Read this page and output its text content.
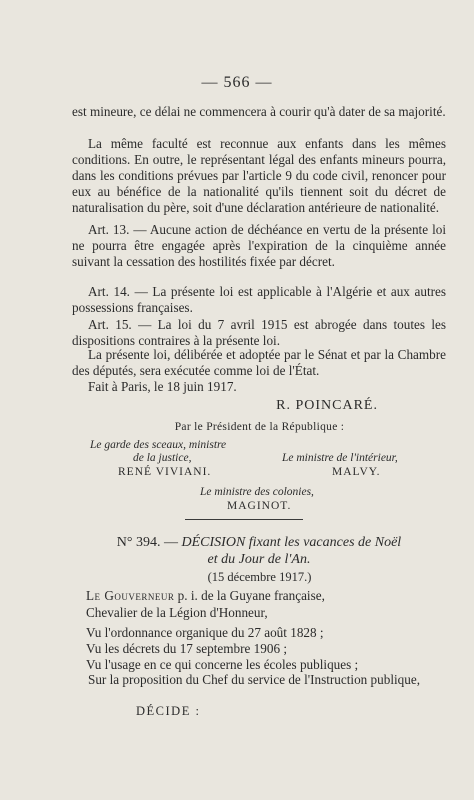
— 566 —
est mineure, ce délai ne commencera à courir qu'à dater de sa majorité.
La même faculté est reconnue aux enfants dans les mêmes conditions. En outre, le représentant légal des enfants mineurs pourra, dans les conditions prévues par l'article 9 du code civil, renoncer pour eux au bénéfice de la nationalité qu'ils tiennent soit du décret de naturalisation du père, soit d'une déclaration antérieure de nationalité.
Art. 13. — Aucune action de déchéance en vertu de la présente loi ne pourra être engagée après l'expiration de la cinquième année suivant la cessation des hostilités fixée par décret.
Art. 14. — La présente loi est applicable à l'Algérie et aux autres possessions françaises.
Art. 15. — La loi du 7 avril 1915 est abrogée dans toutes les dispositions contraires à la présente loi.
La présente loi, délibérée et adoptée par le Sénat et par la Chambre des députés, sera exécutée comme loi de l'État.
Fait à Paris, le 18 juin 1917.
R. POINCARÉ.
Par le Président de la République :
Le garde des sceaux, ministre
de la justice,
RENÉ VIVIANI.
Le ministre de l'intérieur,
MALVY.
Le ministre des colonies,
MAGINOT.
N° 394. — DÉCISION fixant les vacances de Noël
et du Jour de l'An.
(15 décembre 1917.)
Le Gouverneur p. i. de la Guyane française,
Chevalier de la Légion d'Honneur,
Vu l'ordonnance organique du 27 août 1828 ;
Vu les décrets du 17 septembre 1906 ;
Vu l'usage en ce qui concerne les écoles publiques ;
Sur la proposition du Chef du service de l'Instruction publique,
DÉCIDE :
